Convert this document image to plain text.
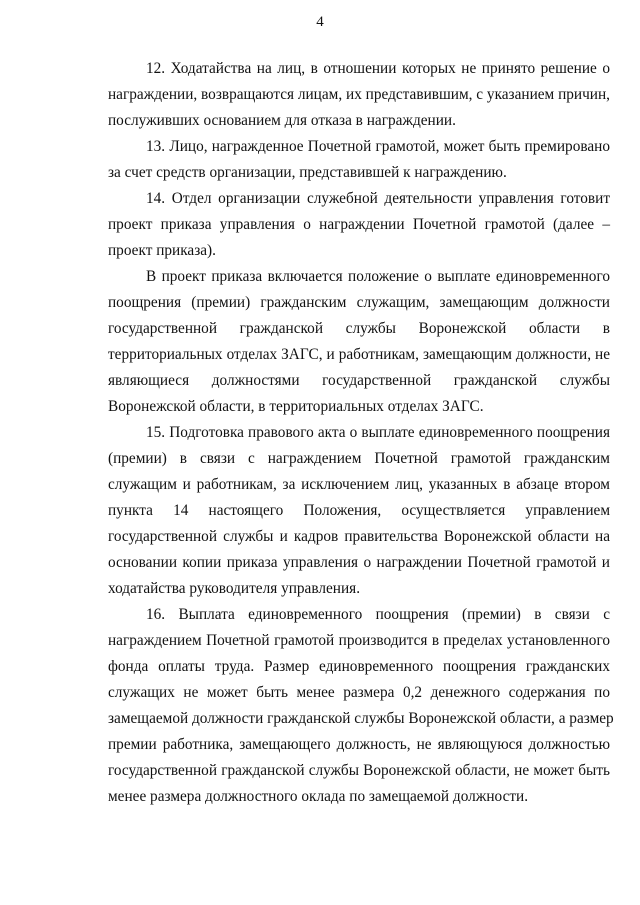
4
12. Ходатайства на лиц, в отношении которых не принято решение о
награждении, возвращаются лицам, их представившим, с указанием причин,
послуживших основанием для отказа в награждении.
13. Лицо, награжденное Почетной грамотой, может быть премировано
за счет средств организации, представившей к награждению.
14. Отдел организации служебной деятельности управления готовит
проект приказа управления о награждении Почетной грамотой (далее –
проект приказа).
В проект приказа включается положение о выплате единовременного
поощрения (премии) гражданским служащим, замещающим должности
государственной гражданской службы Воронежской области в
территориальных отделах ЗАГС, и работникам, замещающим должности, не
являющиеся должностями государственной гражданской службы
Воронежской области, в территориальных отделах ЗАГС.
15. Подготовка правового акта о выплате единовременного поощрения
(премии) в связи с награждением Почетной грамотой гражданским
служащим и работникам, за исключением лиц, указанных в абзаце втором
пункта 14 настоящего Положения, осуществляется управлением
государственной службы и кадров правительства Воронежской области на
основании копии приказа управления о награждении Почетной грамотой и
ходатайства руководителя управления.
16. Выплата единовременного поощрения (премии) в связи с
награждением Почетной грамотой производится в пределах установленного
фонда оплаты труда. Размер единовременного поощрения гражданских
служащих не может быть менее размера 0,2 денежного содержания по
замещаемой должности гражданской службы Воронежской области, а размер
премии работника, замещающего должность, не являющуюся должностью
государственной гражданской службы Воронежской области, не может быть
менее размера должностного оклада по замещаемой должности.
